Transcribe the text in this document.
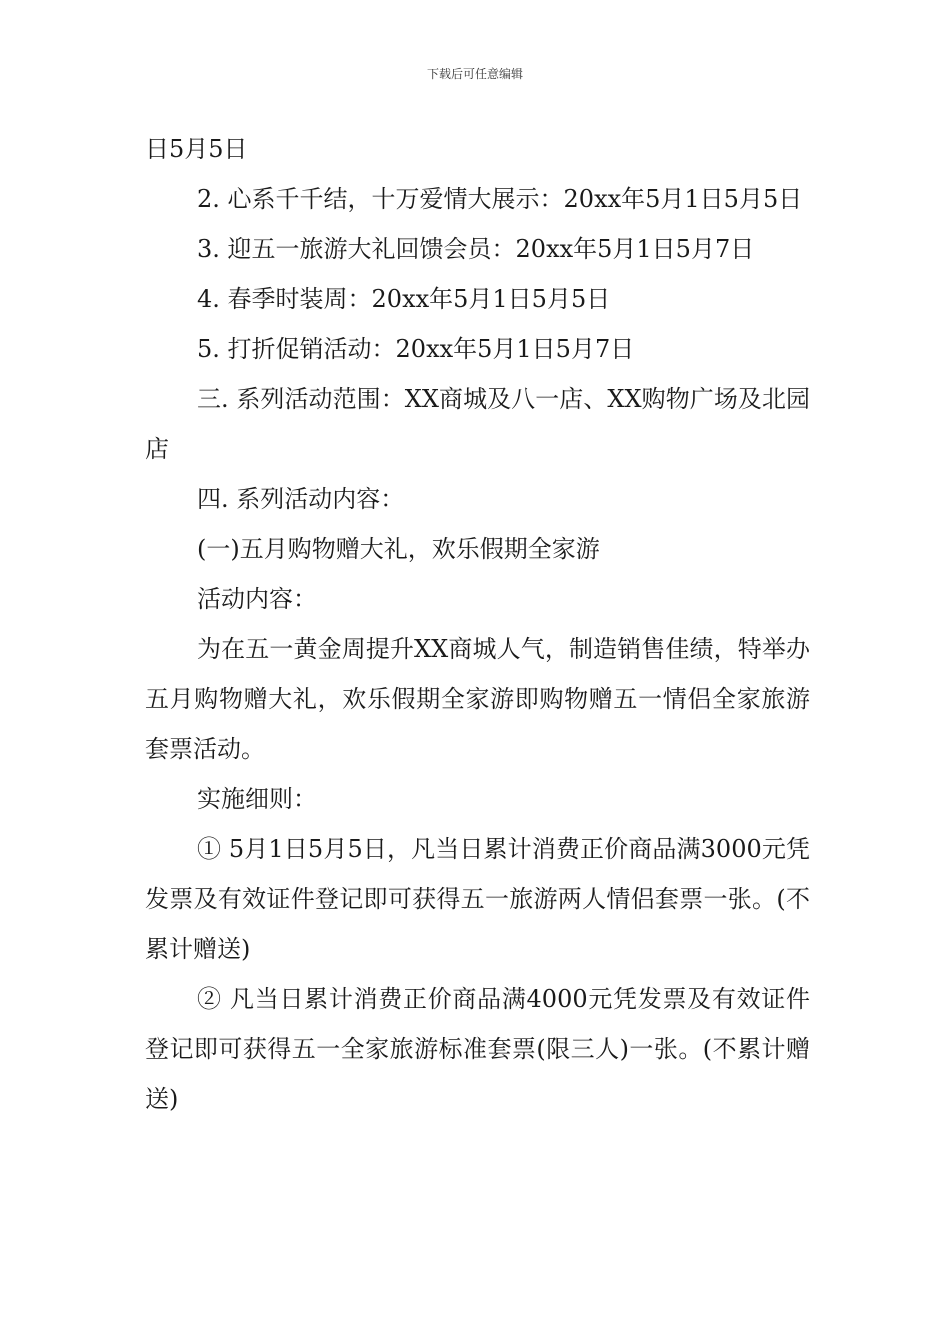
下载后可任意编辑

日5月5日

2. 心系千千结，十万爱情大展示：20xx年5月1日5月5日

3. 迎五一旅游大礼回馈会员：20xx年5月1日5月7日

4. 春季时装周：20xx年5月1日5月5日

5. 打折促销活动：20xx年5月1日5月7日

三. 系列活动范围：XX商城及八一店、XX购物广场及北园店

四. 系列活动内容：

(一)五月购物赠大礼，欢乐假期全家游

活动内容：

为在五一黄金周提升XX商城人气，制造销售佳绩，特举办五月购物赠大礼，欢乐假期全家游即购物赠五一情侣全家旅游套票活动。

实施细则：

① 5月1日5月5日，凡当日累计消费正价商品满3000元凭发票及有效证件登记即可获得五一旅游两人情侣套票一张。(不累计赠送)

② 凡当日累计消费正价商品满4000元凭发票及有效证件登记即可获得五一全家旅游标准套票(限三人)一张。(不累计赠送)
